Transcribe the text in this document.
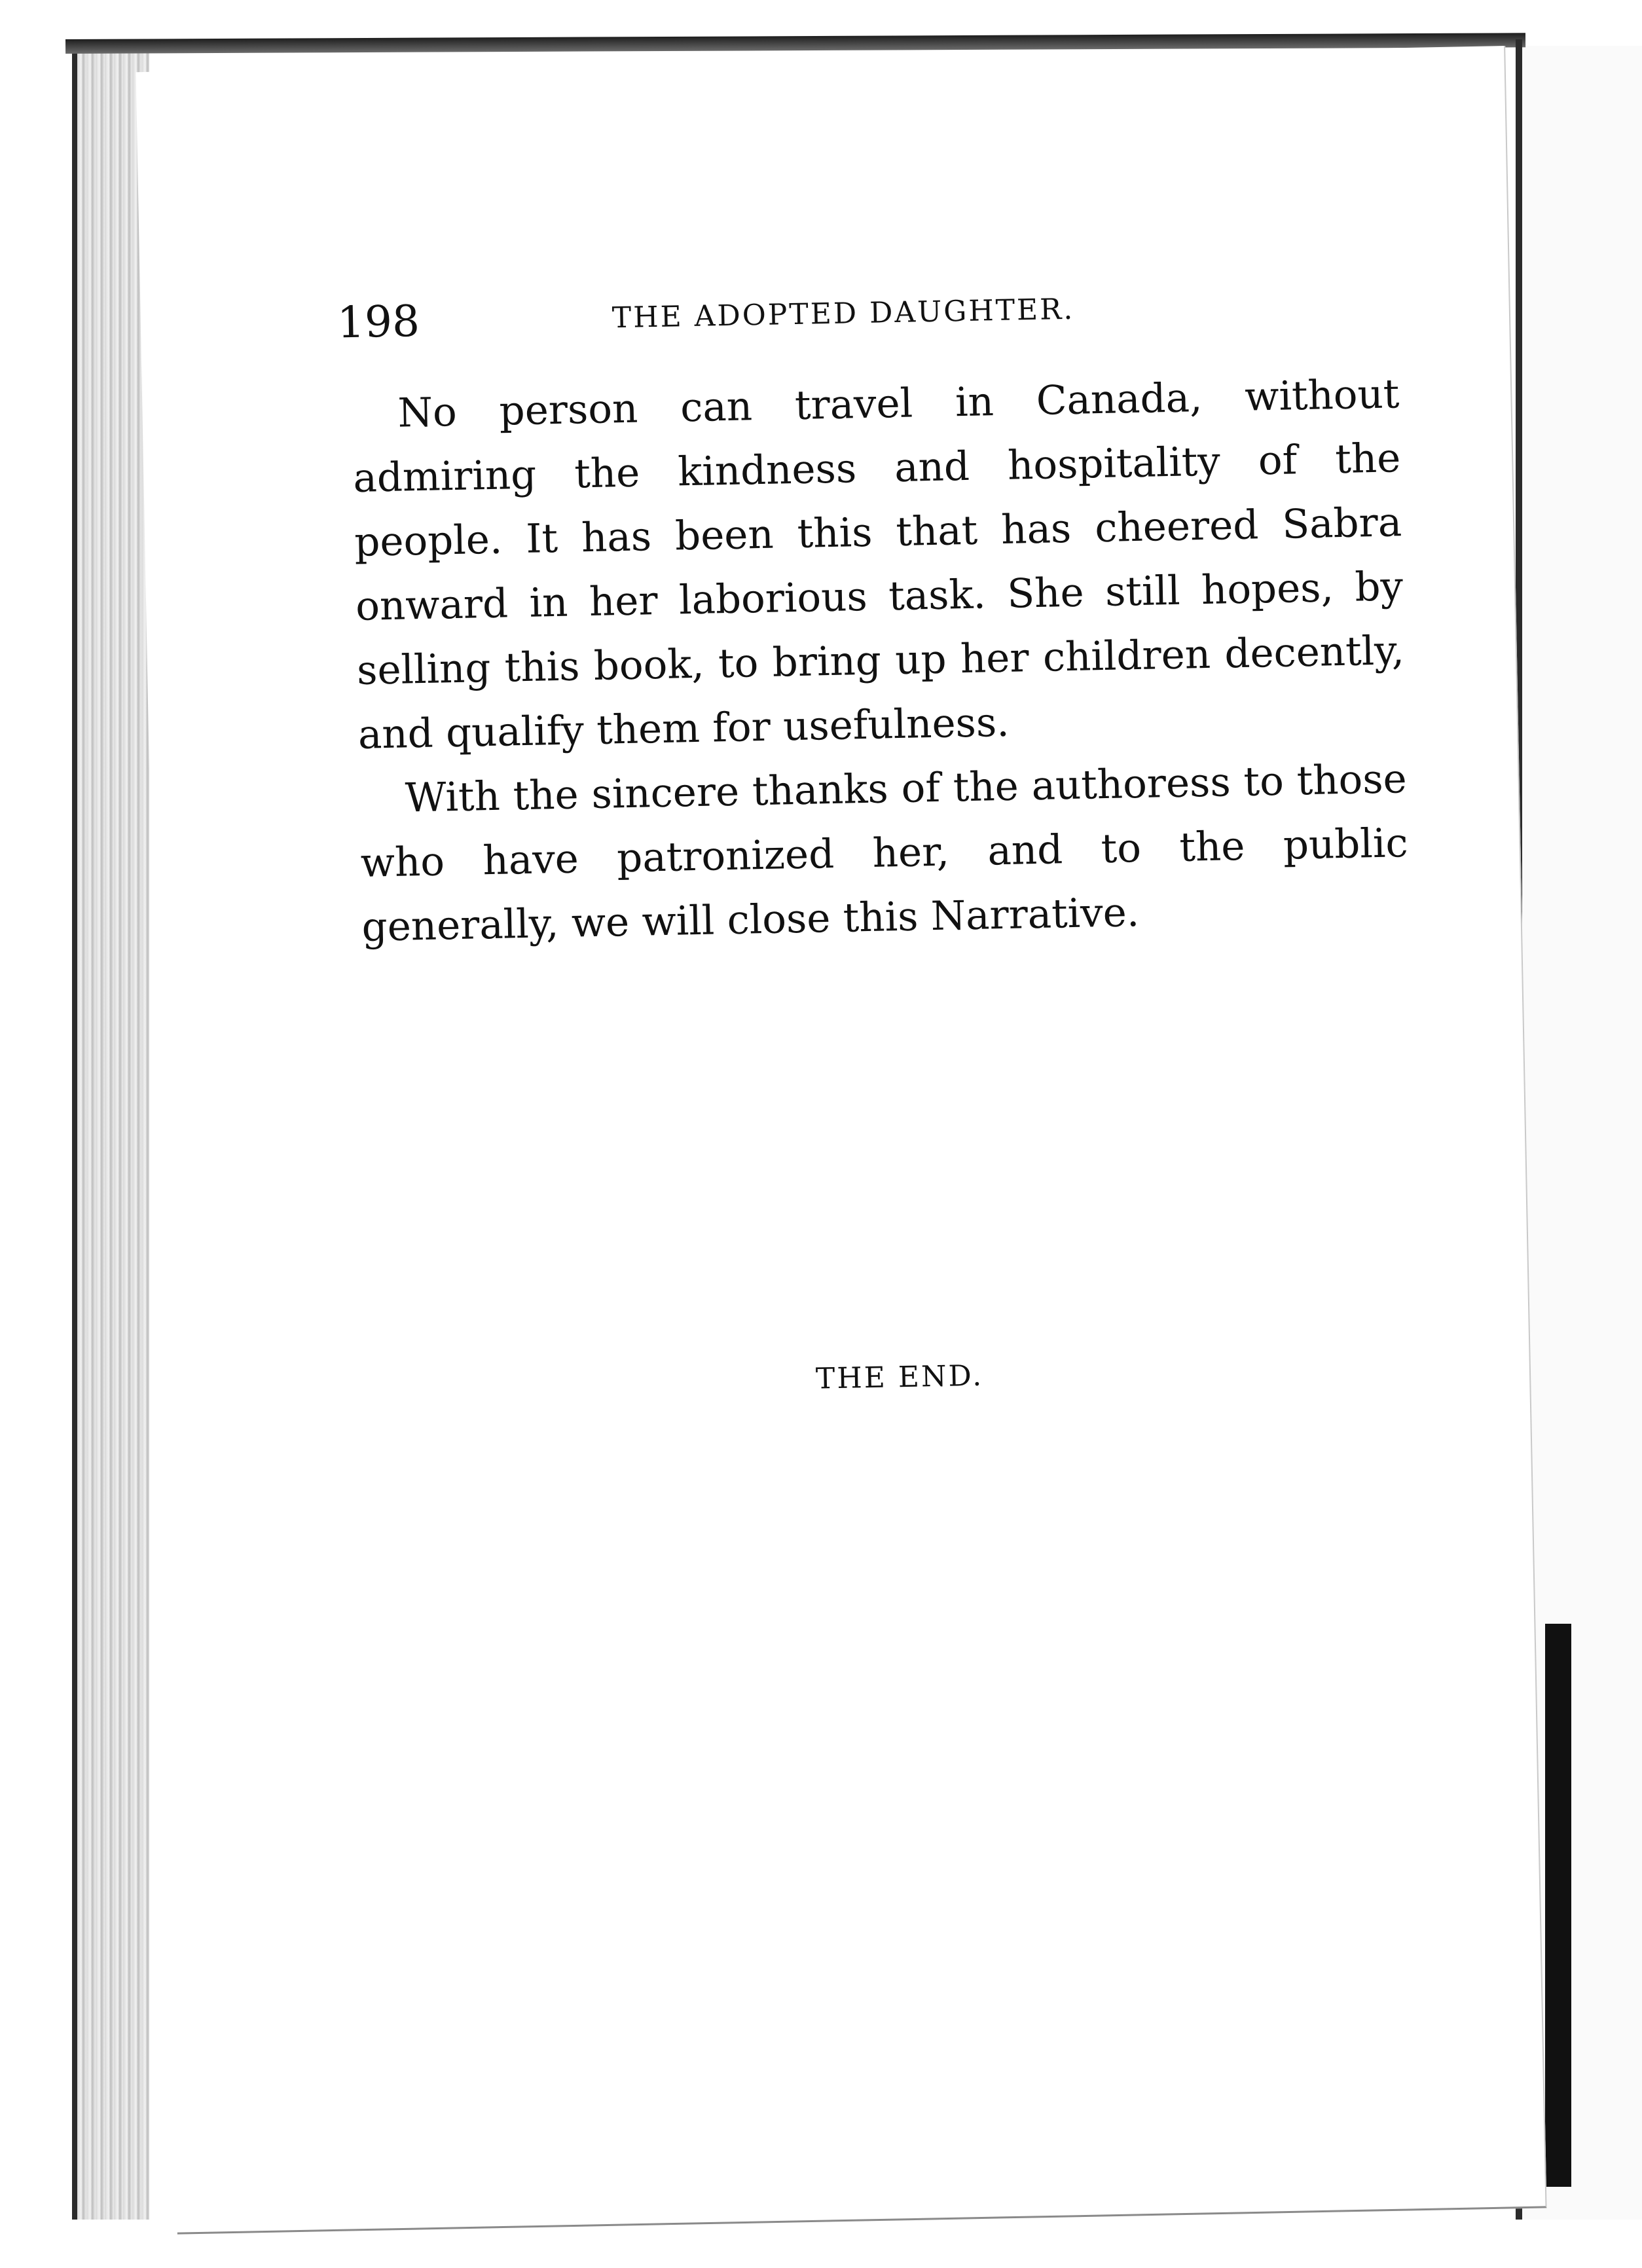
198	THE ADOPTED DAUGHTER.

No person can travel in Canada, without admiring the kindness and hospitality of the people. It has been this that has cheered Sabra onward in her laborious task. She still hopes, by selling this book, to bring up her children decently, and qualify them for usefulness.

With the sincere thanks of the authoress to those who have patronized her, and to the public generally, we will close this Narrative.

THE END.
